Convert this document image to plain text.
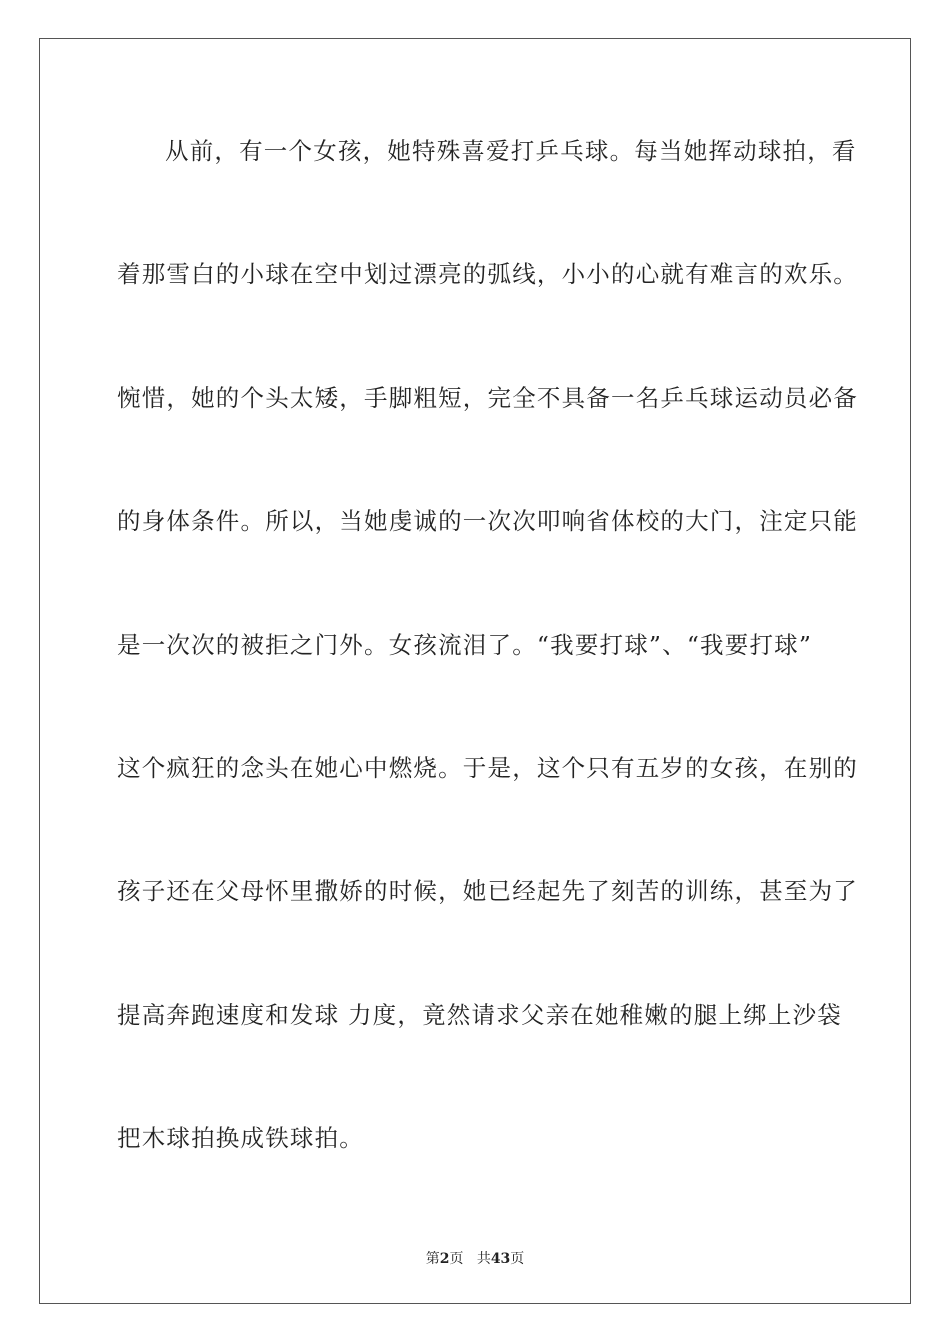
从前，有一个女孩，她特殊喜爱打乒乓球。每当她挥动球拍，看
着那雪白的小球在空中划过漂亮的弧线，小小的心就有难言的欢乐。
惋惜，她的个头太矮，手脚粗短，完全不具备一名乒乓球运动员必备
的身体条件。所以，当她虔诚的一次次叩响省体校的大门，注定只能
是一次次的被拒之门外。女孩流泪了。“我要打球”、“我要打球”
这个疯狂的念头在她心中燃烧。于是，这个只有五岁的女孩，在别的
孩子还在父母怀里撒娇的时候，她已经起先了刻苦的训练，甚至为了
提高奔跑速度和发球 力度，竟然请求父亲在她稚嫩的腿上绑上沙袋
把木球拍换成铁球拍。
第2页 共43页
